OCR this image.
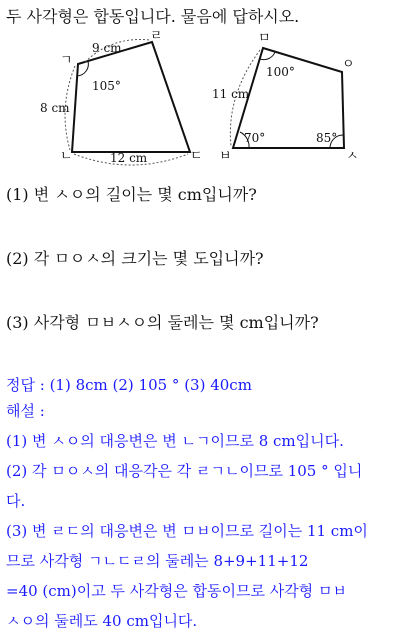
두 사각형은 합동입니다. 물음에 답하시오.
ㄱ
ㄹ
ㄴ	ㄷ
9 cm
8 cm
12 cm
105°
ㅁ
ㅇ
ㅂ	ㅅ
11 cm
100°
70°	85°
(1) 변 ㅅㅇ의 길이는 몇 cm입니까?
(2) 각 ㅁㅇㅅ의 크기는 몇 도입니까?
(3) 사각형 ㅁㅂㅅㅇ의 둘레는 몇 cm입니까?
정답 : (1) 8cm (2) 105 ° (3) 40cm
해설 :
(1) 변 ㅅㅇ의 대응변은 변 ㄴㄱ이므로 8 cm입니다.
(2) 각 ㅁㅇㅅ의 대응각은 각 ㄹㄱㄴ이므로 105 ° 입니
다.
(3) 변 ㄹㄷ의 대응변은 변 ㅁㅂ이므로 길이는 11 cm이
므로 사각형 ㄱㄴㄷㄹ의 둘레는 8+9+11+12
=40 (cm)이고 두 사각형은 합동이므로 사각형 ㅁㅂ
ㅅㅇ의 둘레도 40 cm입니다.
